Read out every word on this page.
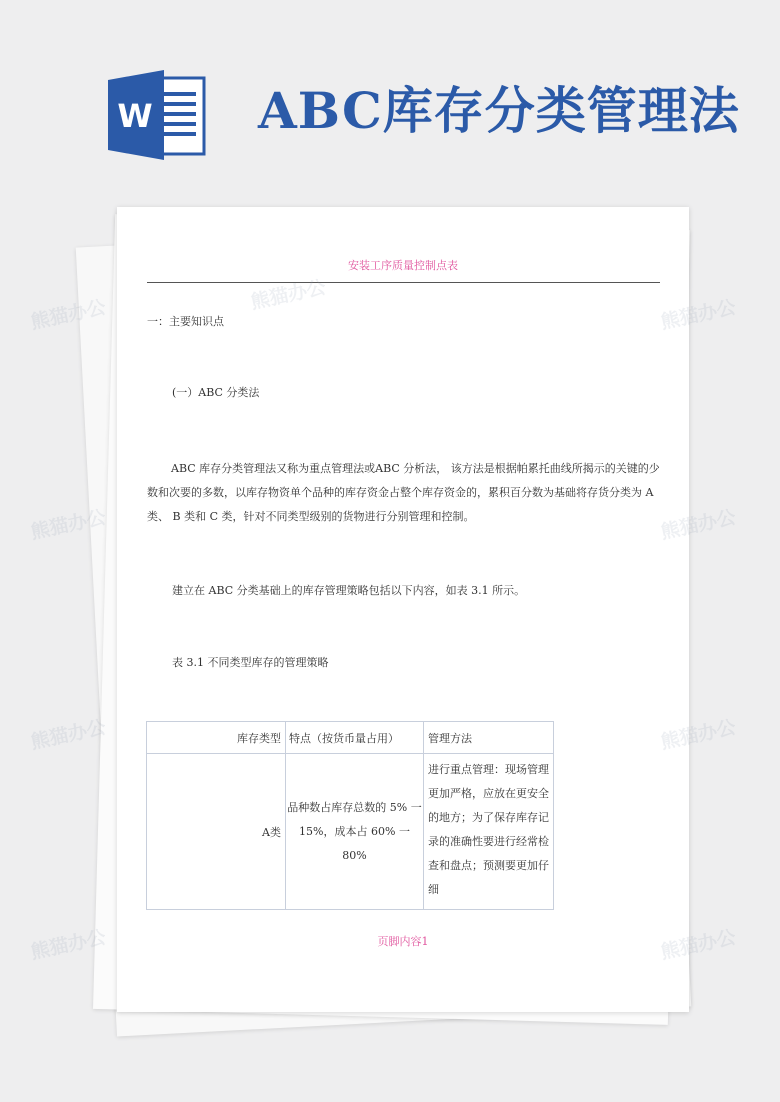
W ABC库存分类管理法
安装工序质量控制点表
一：主要知识点
(一）ABC 分类法
ABC 库存分类管理法又称为重点管理法或ABC 分析法， 该方法是根据帕累托曲线所揭示的关键的少数和次要的多数，以库存物资单个品种的库存资金占整个库存资金的，累积百分数为基础将存货分类为 A 类、 B 类和 C 类，针对不同类型级别的货物进行分别管理和控制。
建立在 ABC 分类基础上的库存管理策略包括以下内容，如表 3.1 所示。
表 3.1 不同类型库存的管理策略
库存类型	特点（按货币量占用）	管理方法
A类	品种数占库存总数的 5% 一 15%，成本占 60% 一 80%	进行重点管理：现场管理更加严格，应放在更安全的地方；为了保存库存记录的准确性要进行经常检查和盘点；预测要更加仔细
页脚内容1
熊猫办公	熊猫办公
熊猫办公	熊猫办公
熊猫办公	熊猫办公
熊猫办公	熊猫办公
